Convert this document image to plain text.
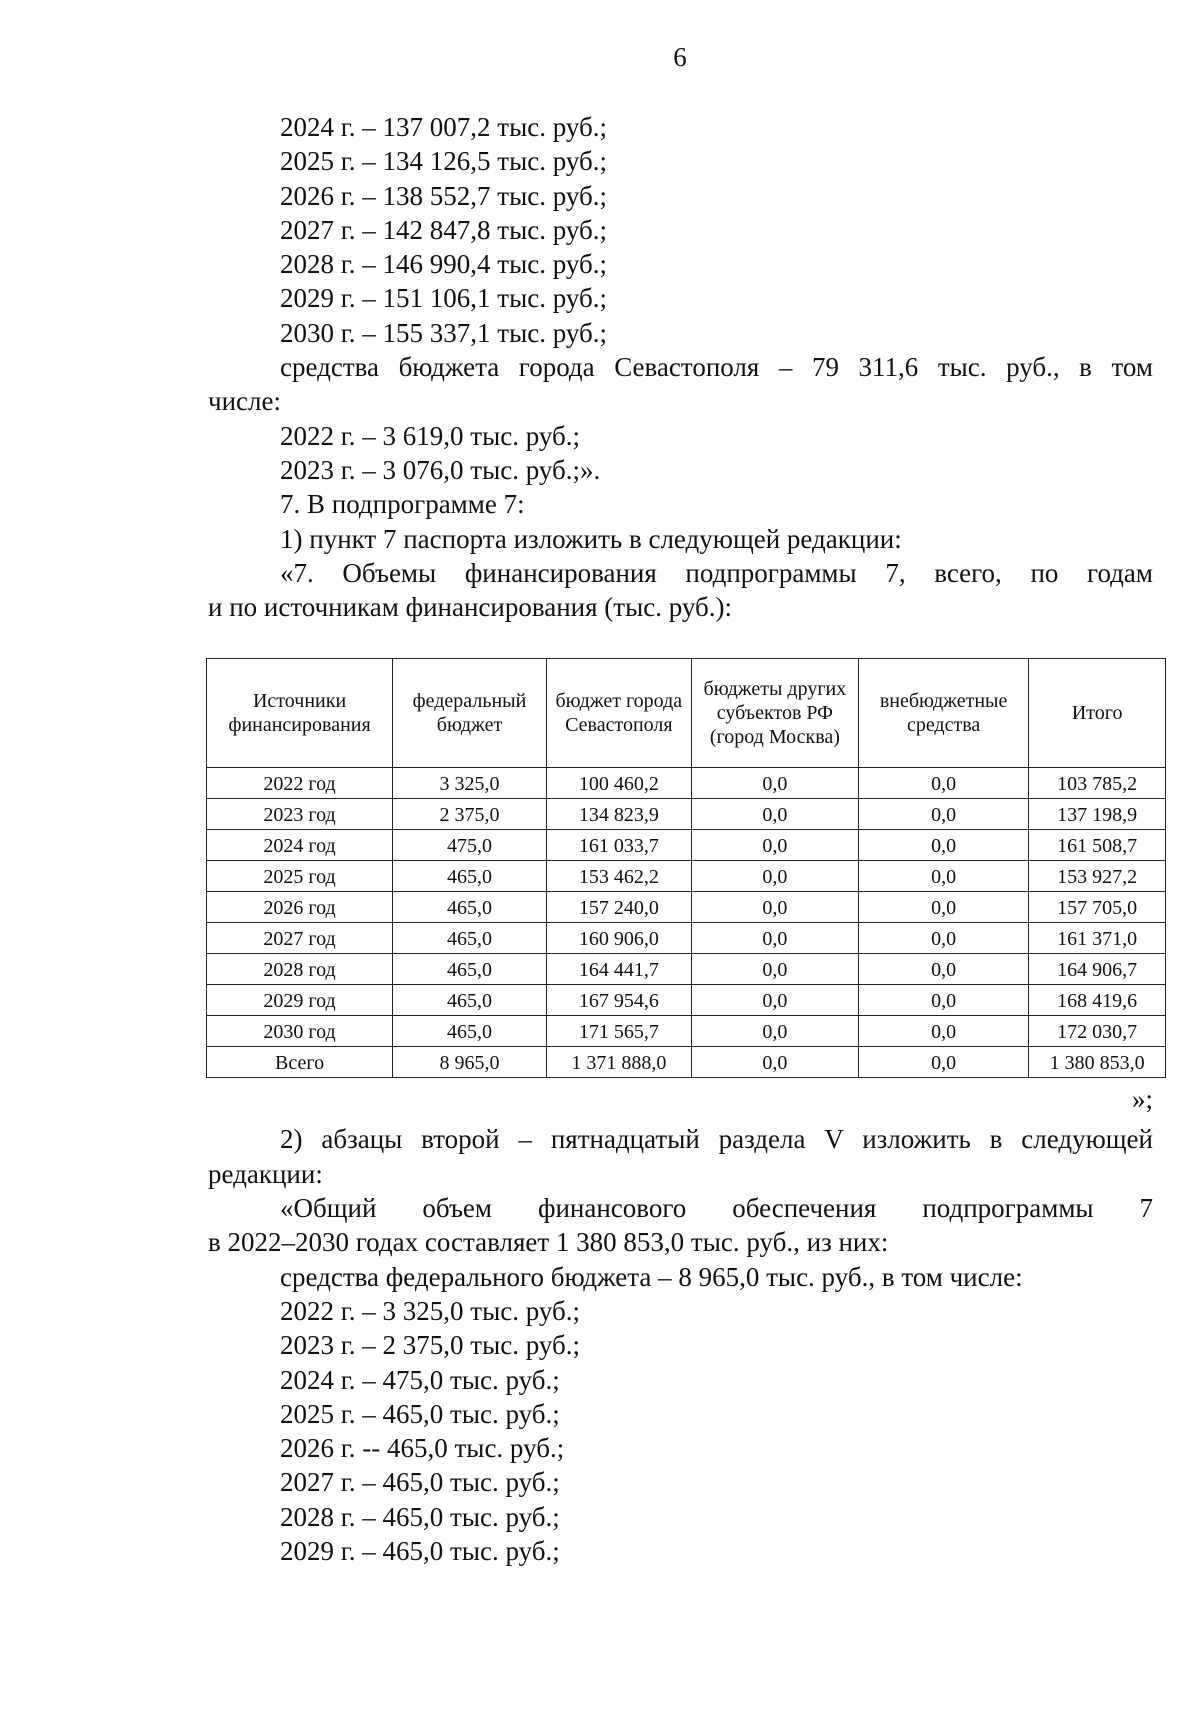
6
2024 г. – 137 007,2 тыс. руб.;
2025 г. – 134 126,5 тыс. руб.;
2026 г. – 138 552,7 тыс. руб.;
2027 г. – 142 847,8 тыс. руб.;
2028 г. – 146 990,4 тыс. руб.;
2029 г. – 151 106,1 тыс. руб.;
2030 г. – 155 337,1 тыс. руб.;
средства бюджета города Севастополя – 79 311,6 тыс. руб., в том
числе:
2022 г. – 3 619,0 тыс. руб.;
2023 г. – 3 076,0 тыс. руб.;».
7. В подпрограмме 7:
1) пункт 7 паспорта изложить в следующей редакции:
«7. Объемы финансирования подпрограммы 7, всего, по годам
и по источникам финансирования (тыс. руб.):
Источники финансирования	федеральный бюджет	бюджет города Севастополя	бюджеты других субъектов РФ (город Москва)	внебюджетные средства	Итого
2022 год	3 325,0	100 460,2	0,0	0,0	103 785,2
2023 год	2 375,0	134 823,9	0,0	0,0	137 198,9
2024 год	475,0	161 033,7	0,0	0,0	161 508,7
2025 год	465,0	153 462,2	0,0	0,0	153 927,2
2026 год	465,0	157 240,0	0,0	0,0	157 705,0
2027 год	465,0	160 906,0	0,0	0,0	161 371,0
2028 год	465,0	164 441,7	0,0	0,0	164 906,7
2029 год	465,0	167 954,6	0,0	0,0	168 419,6
2030 год	465,0	171 565,7	0,0	0,0	172 030,7
Всего	8 965,0	1 371 888,0	0,0	0,0	1 380 853,0
»;
2) абзацы второй – пятнадцатый раздела V изложить в следующей
редакции:
«Общий объем финансового обеспечения подпрограммы 7
в 2022–2030 годах составляет 1 380 853,0 тыс. руб., из них:
средства федерального бюджета – 8 965,0 тыс. руб., в том числе:
2022 г. – 3 325,0 тыс. руб.;
2023 г. – 2 375,0 тыс. руб.;
2024 г. – 475,0 тыс. руб.;
2025 г. – 465,0 тыс. руб.;
2026 г. -- 465,0 тыс. руб.;
2027 г. – 465,0 тыс. руб.;
2028 г. – 465,0 тыс. руб.;
2029 г. – 465,0 тыс. руб.;
